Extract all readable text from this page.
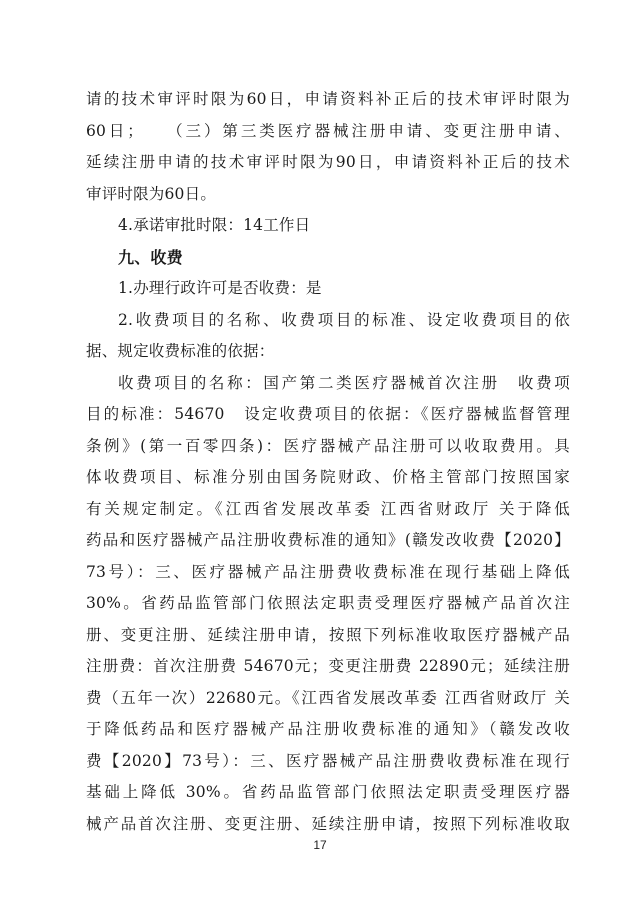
请的技术审评时限为60日，申请资料补正后的技术审评时限为
60日；　　（三）第三类医疗器械注册申请、变更注册申请、
延续注册申请的技术审评时限为90日，申请资料补正后的技术
审评时限为60日。
4.承诺审批时限：14工作日
九、收费
1.办理行政许可是否收费：是
2.收费项目的名称、收费项目的标准、设定收费项目的依
据、规定收费标准的依据：
收费项目的名称：国产第二类医疗器械首次注册　收费项
目的标准：54670　设定收费项目的依据：《医疗器械监督管理
条例》(第一百零四条)：医疗器械产品注册可以收取费用。具
体收费项目、标准分别由国务院财政、价格主管部门按照国家
有关规定制定。《江西省发展改革委 江西省财政厅 关于降低
药品和医疗器械产品注册收费标准的通知》(赣发改收费【2020】
73号）：三、医疗器械产品注册费收费标准在现行基础上降低
30%。省药品监管部门依照法定职责受理医疗器械产品首次注
册、变更注册、延续注册申请，按照下列标准收取医疗器械产品
注册费：首次注册费 54670元；变更注册费 22890元；延续注册
费（五年一次）22680元。《江西省发展改革委 江西省财政厅 关
于降低药品和医疗器械产品注册收费标准的通知》（赣发改收
费【2020】73号）：三、医疗器械产品注册费收费标准在现行
基础上降低 30%。省药品监管部门依照法定职责受理医疗器
械产品首次注册、变更注册、延续注册申请，按照下列标准收取
17
